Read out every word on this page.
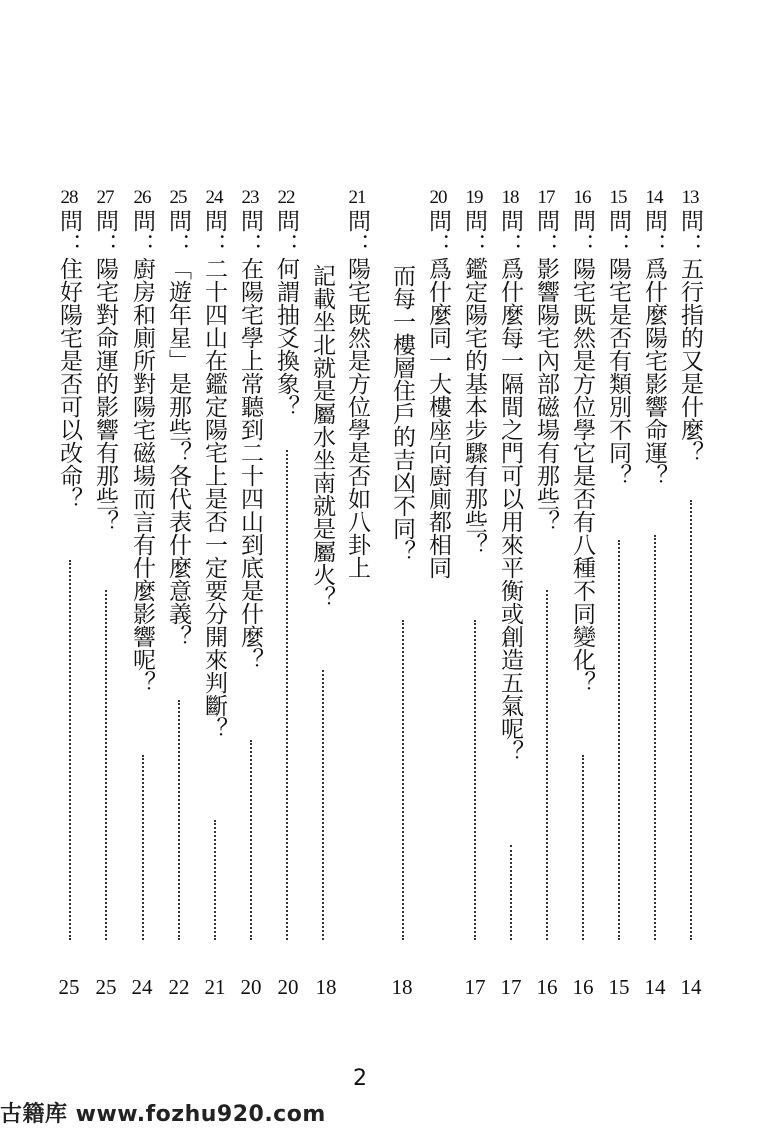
13
問
：
五行指的又是什麼？
14
14
問
：
爲什麼陽宅影響命運？
14
15
問
：
陽宅是否有類別不同？
15
16
問
：
陽宅既然是方位學它是否有八種不同變化？
16
17
問
：
影響陽宅內部磁場有那些？
16
18
問
：
爲什麼每一隔間之門可以用來平衡或創造五氣呢？
17
19
問
：
鑑定陽宅的基本步驟有那些？
17
20
問
：
爲什麼同一大樓座向廚廁都相同
而每一樓層住戶的吉凶不同？
18
21
問
：
陽宅既然是方位學是否如八卦上
記載坐北就是屬水坐南就是屬火？
18
22
問
：
何謂抽爻換象？
20
23
問
：
在陽宅學上常聽到二十四山到底是什麼？
20
24
問
：
二十四山在鑑定陽宅上是否一定要分開來判斷？
21
25
問
：
「遊年星」是那些？各代表什麼意義？
22
26
問
：
廚房和廁所對陽宅磁場而言有什麼影響呢？
24
27
問
：
陽宅對命運的影響有那些？
25
28
問
：
住好陽宅是否可以改命？
25
2
古籍库 www.fozhu920.com
